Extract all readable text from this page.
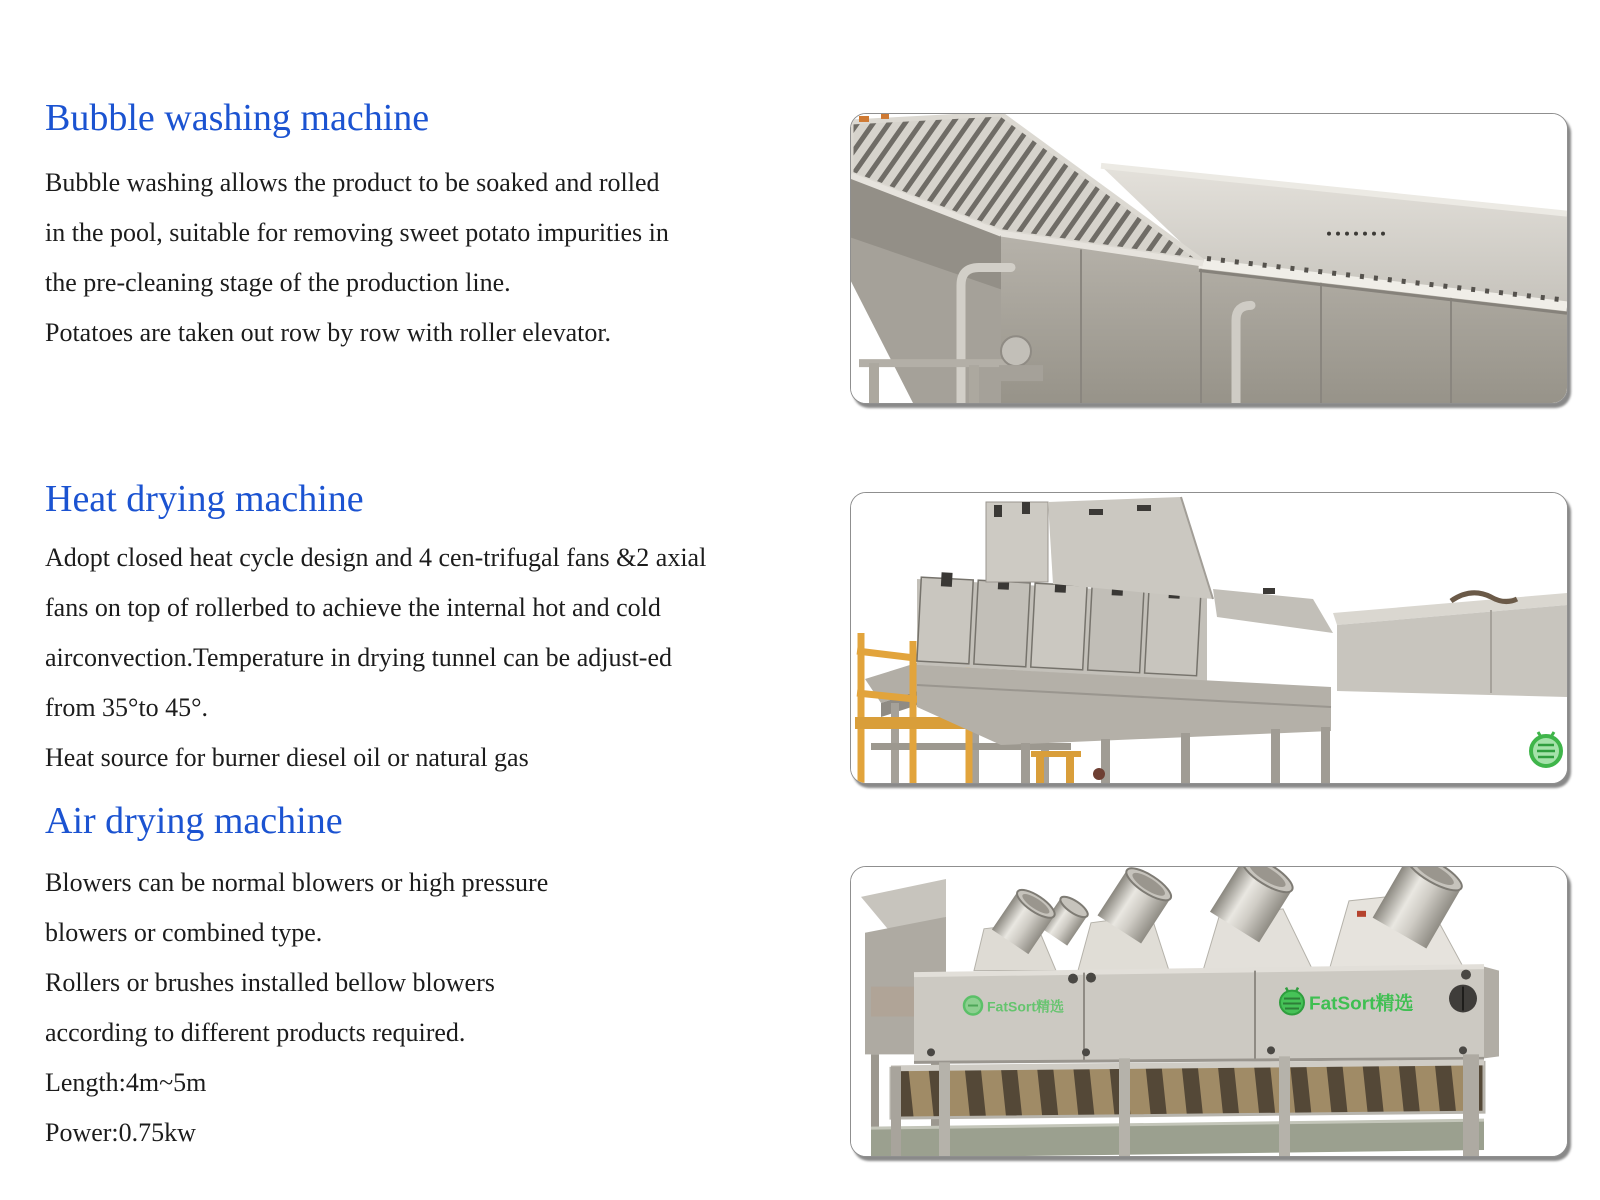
Bubble washing machine
Bubble washing allows the product to be soaked and rolled
in the pool, suitable for removing sweet potato impurities in
the pre-cleaning stage of the production line.
Potatoes are taken out row by row with roller elevator.
Heat drying machine
Adopt closed heat cycle design and 4 cen-trifugal fans &2 axial
fans on top of rollerbed to achieve the internal hot and cold
airconvection.Temperature in drying tunnel can be adjust-ed
from 35°to 45°.
Heat source for burner diesel oil or natural gas
Air drying machine
Blowers can be normal blowers or high pressure
blowers or combined type.
Rollers or brushes installed bellow blowers
according to different products required.
Length:4m~5m
Power:0.75kw
FatSort精选	FatSort精选
